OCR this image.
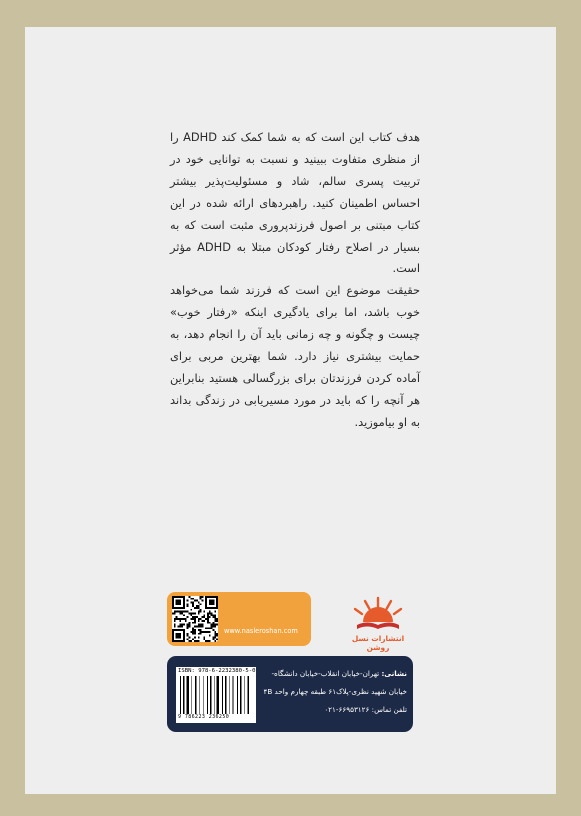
هدف کتاب این است که به شما کمک کند ADHD را از منظری متفاوت ببینید و نسبت به توانایی خود در تربیت پسری سالم، شاد و مسئولیت‌پذیر بیشتر احساس اطمینان کنید. راهبردهای ارائه شده در این کتاب مبتنی بر اصول فرزندپروری مثبت است که به بسیار در اصلاح رفتار کودکان مبتلا به ADHD مؤثر است.

حقیقت موضوع این است که فرزند شما می‌خواهد خوب باشد، اما برای یادگیری اینکه «رفتار خوب» چیست و چگونه و چه زمانی باید آن را انجام دهد، به حمایت بیشتری نیاز دارد. شما بهترین مربی برای آماده کردن فرزندتان برای بزرگسالی هستید بنابراین هر آنچه را که باید در مورد مسیریابی در زندگی بداند به او بیاموزید.

www.nasleroshan.com
انتشارات نسل روشن
ISBN: 978-6-2232380-5-0
9 786223 236250

نشانی: تهران-خیابان انقلاب-خیابان دانشگاه-

خیابان شهید نظری-پلاک۶۱ طبقه چهارم واحد ۴B

تلفن تماس: ۶۶۹۵۳۱۲۶-۰۲۱
